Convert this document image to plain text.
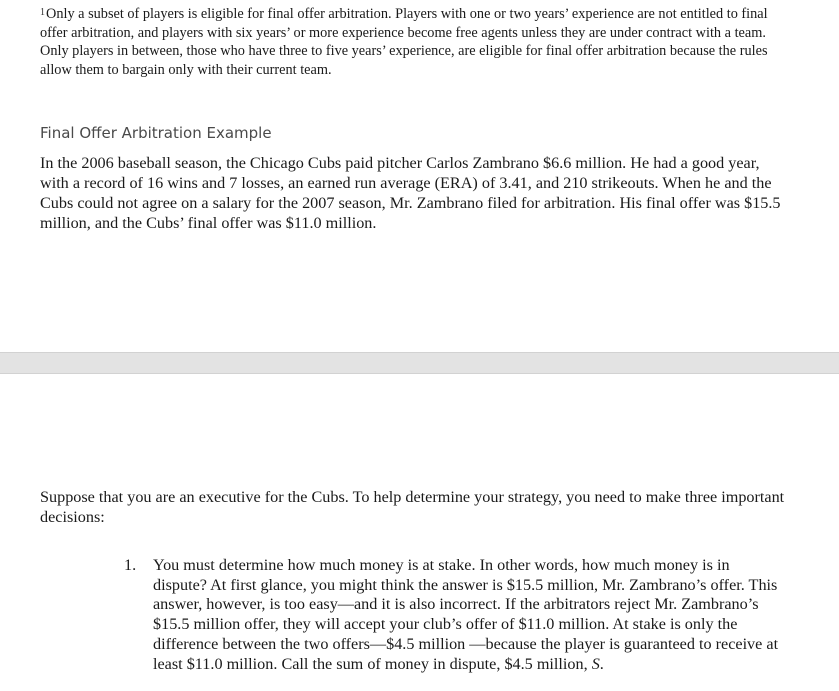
$^1$Only a subset of players is eligible for final offer arbitration. Players with one or two years’ experience are not entitled to final offer arbitration, and players with six years’ or more experience become free agents unless they are under contract with a team. Only players in between, those who have three to five years’ experience, are eligible for final offer arbitration because the rules allow them to bargain only with their current team.

Final Offer Arbitration Example

In the 2006 baseball season, the Chicago Cubs paid pitcher Carlos Zambrano $6.6 million. He had a good year, with a record of 16 wins and 7 losses, an earned run average (ERA) of 3.41, and 210 strikeouts. When he and the Cubs could not agree on a salary for the 2007 season, Mr. Zambrano filed for arbitration. His final offer was $15.5 million, and the Cubs’ final offer was $11.0 million.

Suppose that you are an executive for the Cubs. To help determine your strategy, you need to make three important decisions:

1. You must determine how much money is at stake. In other words, how much money is in dispute? At first glance, you might think the answer is $15.5 million, Mr. Zambrano’s offer. This answer, however, is too easy—and it is also incorrect. If the arbitrators reject Mr. Zambrano’s $15.5 million offer, they will accept your club’s offer of $11.0 million. At stake is only the difference between the two offers—$4.5 million —because the player is guaranteed to receive at least $11.0 million. Call the sum of money in dispute, $4.5 million, S.
